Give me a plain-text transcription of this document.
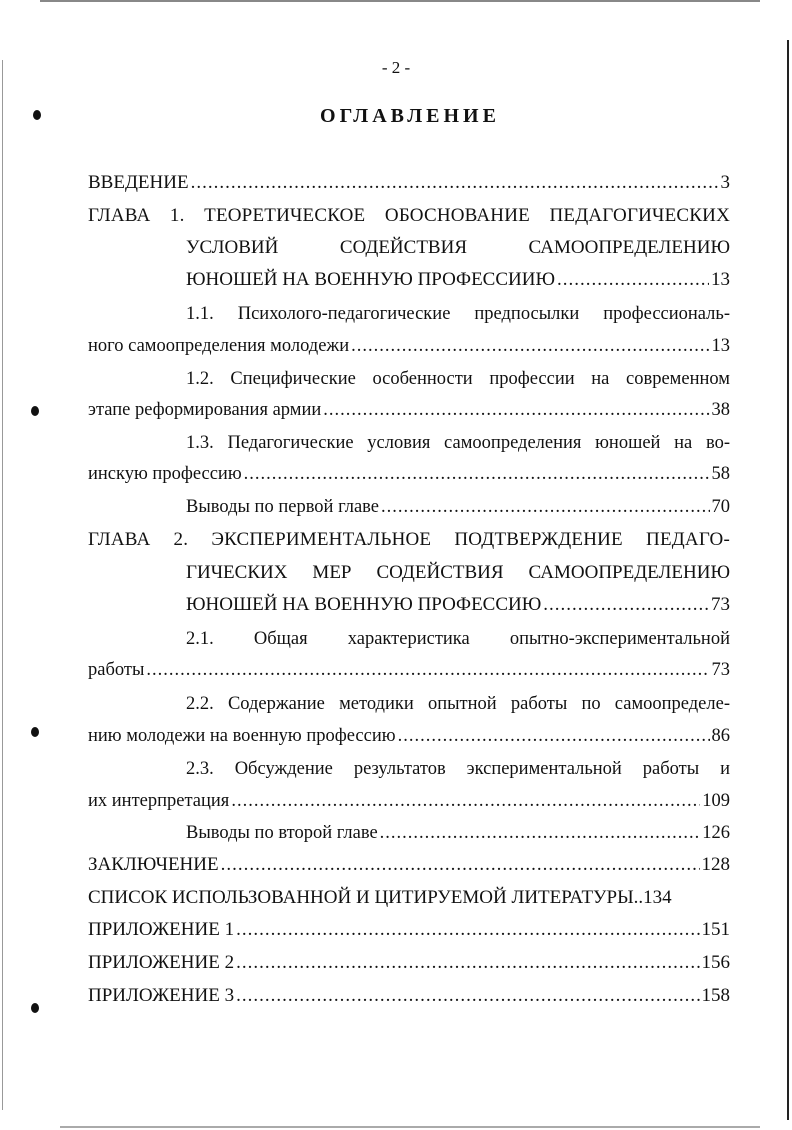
- 2 -
ОГЛАВЛЕНИЕ
ВВЕДЕНИЕ .....	3
ГЛАВА 1. ТЕОРЕТИЧЕСКОЕ ОБОСНОВАНИЕ ПЕДАГОГИЧЕСКИХ
УСЛОВИЙ СОДЕЙСТВИЯ САМООПРЕДЕЛЕНИЮ
ЮНОШЕЙ НА ВОЕННУЮ ПРОФЕССИИЮ .....	13
1.1. Психолого-педагогические предпосылки профессиональ-
ного самоопределения молодежи .....	13
1.2. Специфические особенности профессии на современном
этапе реформирования армии .....	38
1.3. Педагогические условия самоопределения юношей на во-
инскую профессию .....	58
Выводы по первой главе .....	70
ГЛАВА 2. ЭКСПЕРИМЕНТАЛЬНОЕ ПОДТВЕРЖДЕНИЕ ПЕДАГО-
ГИЧЕСКИХ МЕР СОДЕЙСТВИЯ САМООПРЕДЕЛЕНИЮ
ЮНОШЕЙ НА ВОЕННУЮ ПРОФЕССИЮ .....	73
2.1. Общая характеристика опытно-экспериментальной
работы .....	73
2.2. Содержание методики опытной работы по самоопределе-
нию молодежи на военную профессию .....	86
2.3. Обсуждение результатов экспериментальной работы и
их интерпретация .....	109
Выводы по второй главе .....	126
ЗАКЛЮЧЕНИЕ .....	128
СПИСОК ИСПОЛЬЗОВАННОЙ И ЦИТИРУЕМОЙ ЛИТЕРАТУРЫ.. 134
ПРИЛОЖЕНИЕ 1 .....	151
ПРИЛОЖЕНИЕ 2 .....	156
ПРИЛОЖЕНИЕ 3 .....	158
